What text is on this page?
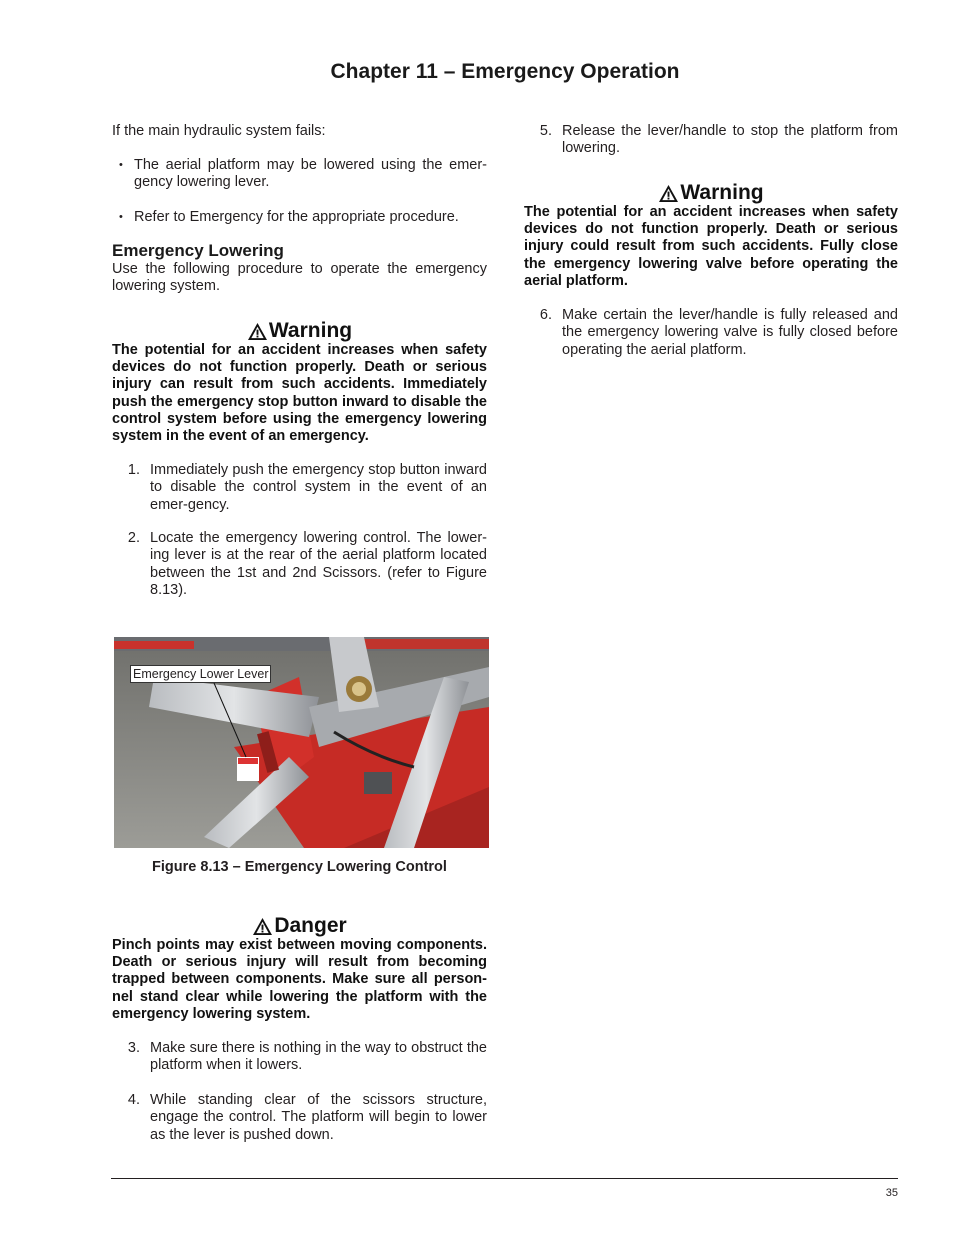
Chapter 11 – Emergency Operation

If the main hydraulic system fails:

• The aerial platform may be lowered using the emer-gency lowering lever.

• Refer to Emergency for the appropriate procedure.

Emergency Lowering

Use the following procedure to operate the emergency lowering system.

Warning
The potential for an accident increases when safety devices do not function properly. Death or serious injury can result from such accidents. Immediately push the emergency stop button inward to disable the control system before using the emergency lowering system in the event of an emergency.
1. Immediately push the emergency stop button inward to disable the control system in the event of an emer-gency.
2. Locate the emergency lowering control. The lower-ing lever is at the rear of the aerial platform located between the 1st and 2nd Scissors. (refer to Figure 8.13).
Emergency Lower Lever
Figure 8.13 – Emergency Lowering Control
Danger
Pinch points may exist between moving components. Death or serious injury will result from becoming trapped between components. Make sure all person-nel stand clear while lowering the platform with the emergency lowering system.
3. Make sure there is nothing in the way to obstruct the platform when it lowers.
4. While standing clear of the scissors structure, engage the control. The platform will begin to lower as the lever is pushed down.
5. Release the lever/handle to stop the platform from lowering.
Warning
The potential for an accident increases when safety devices do not function properly. Death or serious injury could result from such accidents. Fully close the emergency lowering valve before operating the aerial platform.
6. Make certain the lever/handle is fully released and the emergency lowering valve is fully closed before operating the aerial platform.
35
